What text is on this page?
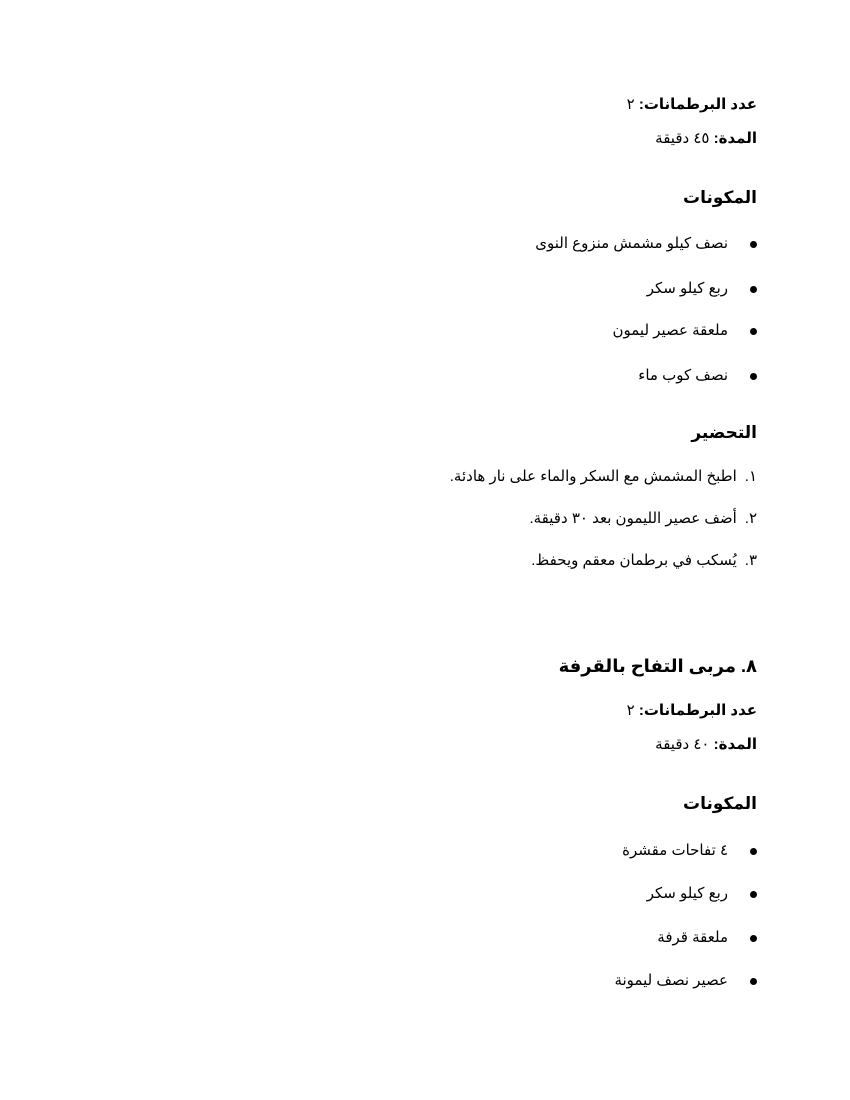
عدد البرطمانات: ٢
المدة: ٤٥ دقيقة
المكونات
نصف كيلو مشمش منزوع النوى
ربع كيلو سكر
ملعقة عصير ليمون
نصف كوب ماء
التحضير
١.اطبخ المشمش مع السكر والماء على نار هادئة.
٢.أضف عصير الليمون بعد ٣٠ دقيقة.
٣.يُسكب في برطمان معقم ويحفظ.
٨. مربى التفاح بالقرفة
عدد البرطمانات: ٢
المدة: ٤٠ دقيقة
المكونات
٤ تفاحات مقشرة
ربع كيلو سكر
ملعقة قرفة
عصير نصف ليمونة
